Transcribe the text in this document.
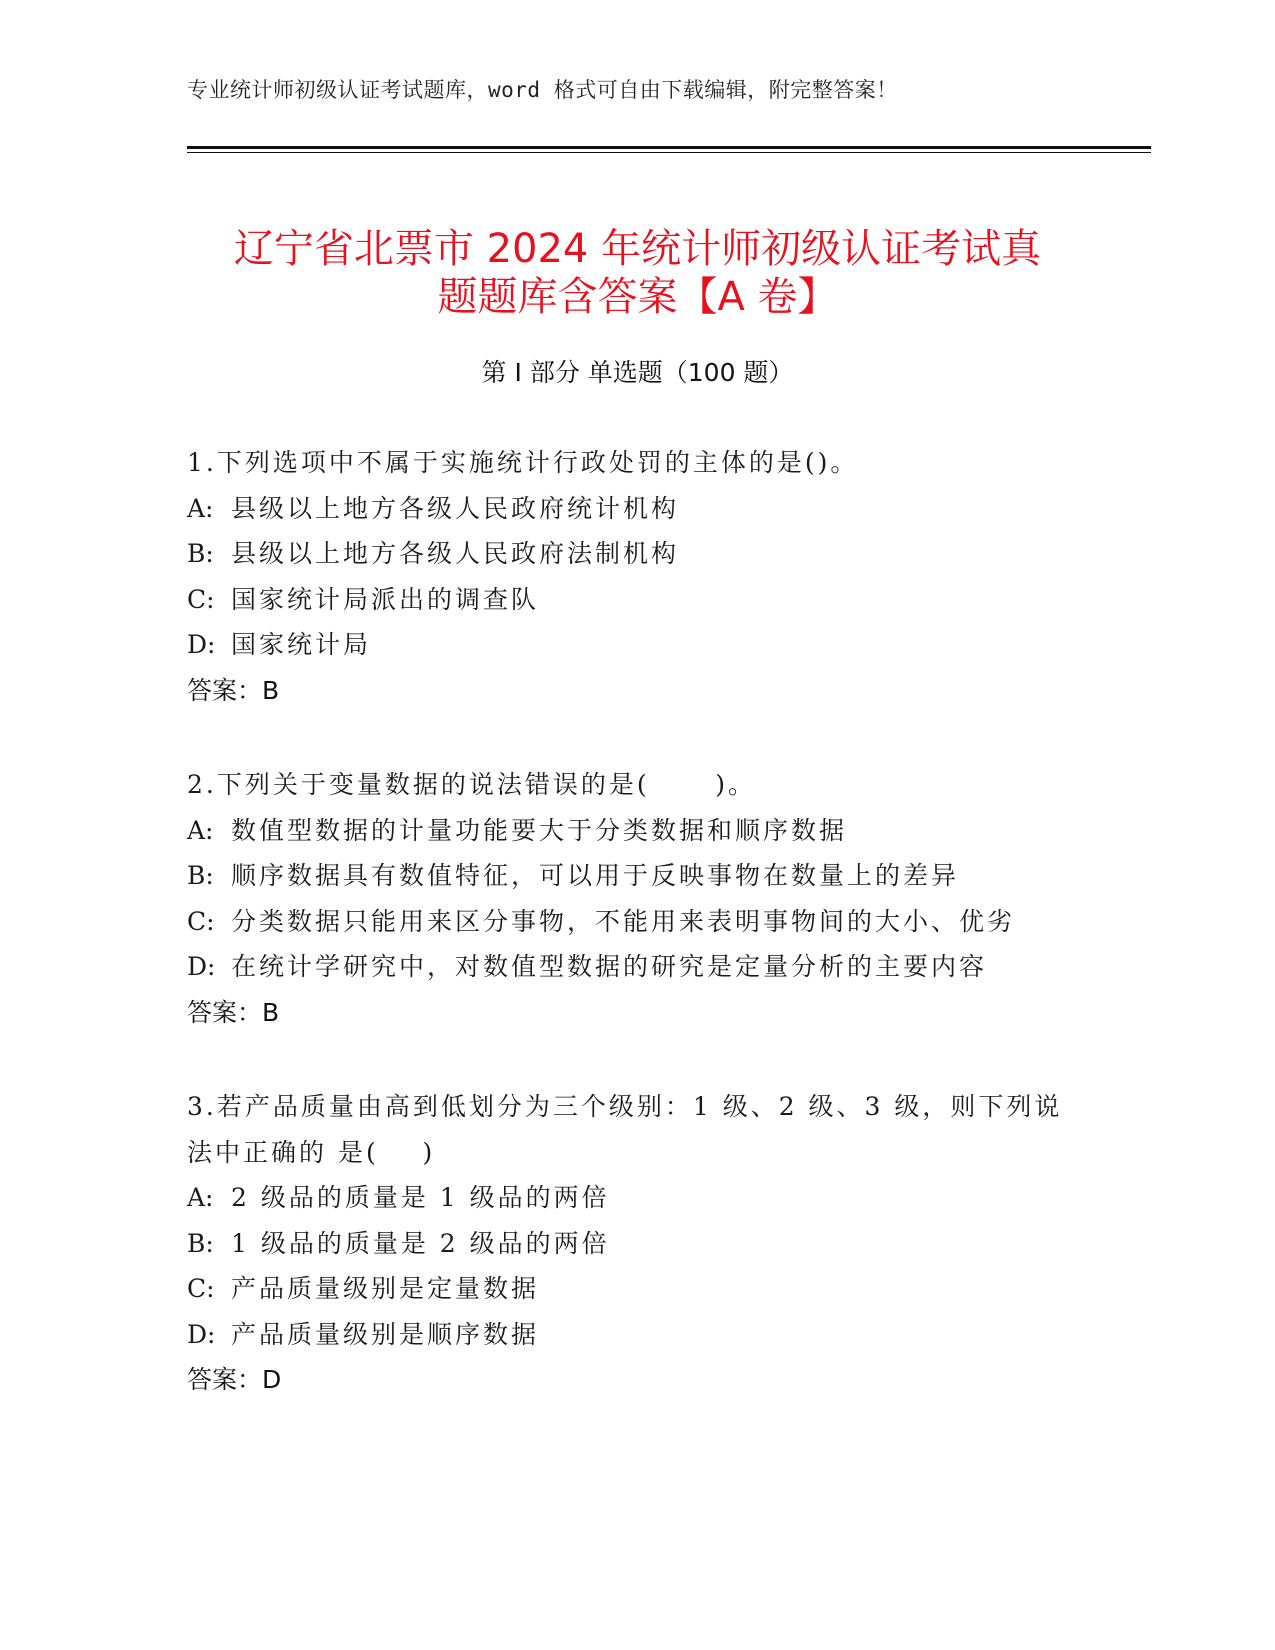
专业统计师初级认证考试题库，word 格式可自由下载编辑，附完整答案！
辽宁省北票市 2024 年统计师初级认证考试真
题题库含答案【A 卷】
第 I 部分 单选题（100 题）
1.下列选项中不属于实施统计行政处罚的主体的是()。
A: 县级以上地方各级人民政府统计机构
B: 县级以上地方各级人民政府法制机构
C: 国家统计局派出的调查队
D: 国家统计局
答案：B
2.下列关于变量数据的说法错误的是(      )。
A: 数值型数据的计量功能要大于分类数据和顺序数据
B: 顺序数据具有数值特征，可以用于反映事物在数量上的差异
C: 分类数据只能用来区分事物，不能用来表明事物间的大小、优劣
D: 在统计学研究中，对数值型数据的研究是定量分析的主要内容
答案：B
3.若产品质量由高到低划分为三个级别：1 级、2 级、3 级，则下列说
法中正确的 是(    )
A: 2 级品的质量是 1 级品的两倍
B: 1 级品的质量是 2 级品的两倍
C: 产品质量级别是定量数据
D: 产品质量级别是顺序数据
答案：D
